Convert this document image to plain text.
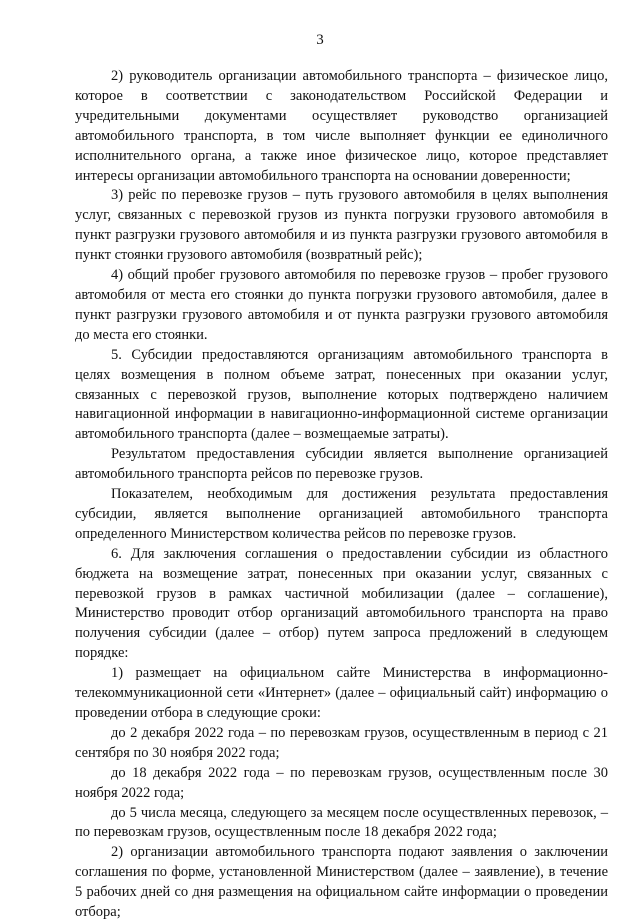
3

2) руководитель организации автомобильного транспорта – физическое лицо, которое в соответствии с законодательством Российской Федерации и учредительными документами осуществляет руководство организацией автомобильного транспорта, в том числе выполняет функции ее единоличного исполнительного органа, а также иное физическое лицо, которое представляет интересы организации автомобильного транспорта на основании доверенности;

3) рейс по перевозке грузов – путь грузового автомобиля в целях выполнения услуг, связанных с перевозкой грузов из пункта погрузки грузового автомобиля в пункт разгрузки грузового автомобиля и из пункта разгрузки грузового автомобиля в пункт стоянки грузового автомобиля (возвратный рейс);

4) общий пробег грузового автомобиля по перевозке грузов – пробег грузового автомобиля от места его стоянки до пункта погрузки грузового автомобиля, далее в пункт разгрузки грузового автомобиля и от пункта разгрузки грузового автомобиля до места его стоянки.

5. Субсидии предоставляются организациям автомобильного транспорта в целях возмещения в полном объеме затрат, понесенных при оказании услуг, связанных с перевозкой грузов, выполнение которых подтверждено наличием навигационной информации в навигационно-информационной системе организации автомобильного транспорта (далее – возмещаемые затраты).

Результатом предоставления субсидии является выполнение организацией автомобильного транспорта рейсов по перевозке грузов.

Показателем, необходимым для достижения результата предоставления субсидии, является выполнение организацией автомобильного транспорта определенного Министерством количества рейсов по перевозке грузов.

6. Для заключения соглашения о предоставлении субсидии из областного бюджета на возмещение затрат, понесенных при оказании услуг, связанных с перевозкой грузов в рамках частичной мобилизации (далее – соглашение), Министерство проводит отбор организаций автомобильного транспорта на право получения субсидии (далее – отбор) путем запроса предложений в следующем порядке:

1) размещает на официальном сайте Министерства в информационно-телекоммуникационной сети «Интернет» (далее – официальный сайт) информацию о проведении отбора в следующие сроки:

до 2 декабря 2022 года – по перевозкам грузов, осуществленным в период с 21 сентября по 30 ноября 2022 года;

до 18 декабря 2022 года – по перевозкам грузов, осуществленным после 30 ноября 2022 года;

до 5 числа месяца, следующего за месяцем после осуществленных перевозок, – по перевозкам грузов, осуществленным после 18 декабря 2022 года;

2) организации автомобильного транспорта подают заявления о заключении соглашения по форме, установленной Министерством (далее – заявление), в течение 5 рабочих дней со дня размещения на официальном сайте информации о проведении отбора;
